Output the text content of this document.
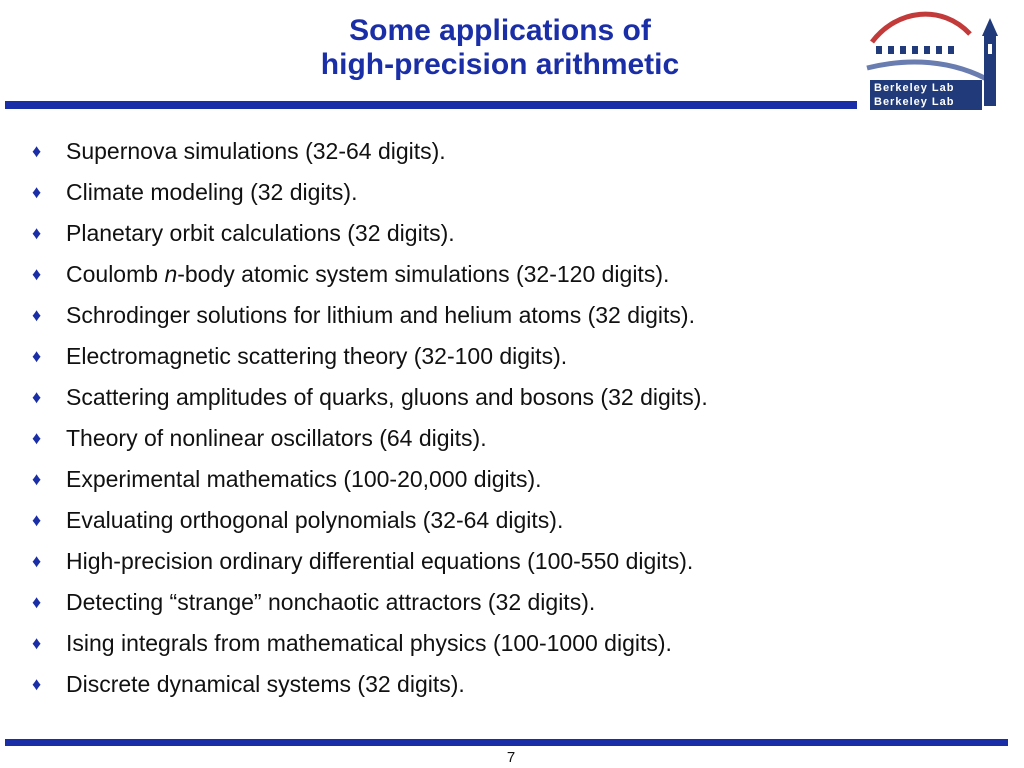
Some applications of
high-precision arithmetic
Berkeley Lab
Berkeley Lab
♦ Supernova simulations (32-64 digits).
♦ Climate modeling (32 digits).
♦ Planetary orbit calculations (32 digits).
♦ Coulomb n-body atomic system simulations (32-120 digits).
♦ Schrodinger solutions for lithium and helium atoms (32 digits).
♦ Electromagnetic scattering theory (32-100 digits).
♦ Scattering amplitudes of quarks, gluons and bosons (32 digits).
♦ Theory of nonlinear oscillators (64 digits).
♦ Experimental mathematics (100-20,000 digits).
♦ Evaluating orthogonal polynomials (32-64 digits).
♦ High-precision ordinary differential equations (100-550 digits).
♦ Detecting “strange” nonchaotic attractors (32 digits).
♦ Ising integrals from mathematical physics (100-1000 digits).
♦ Discrete dynamical systems (32 digits).
7
